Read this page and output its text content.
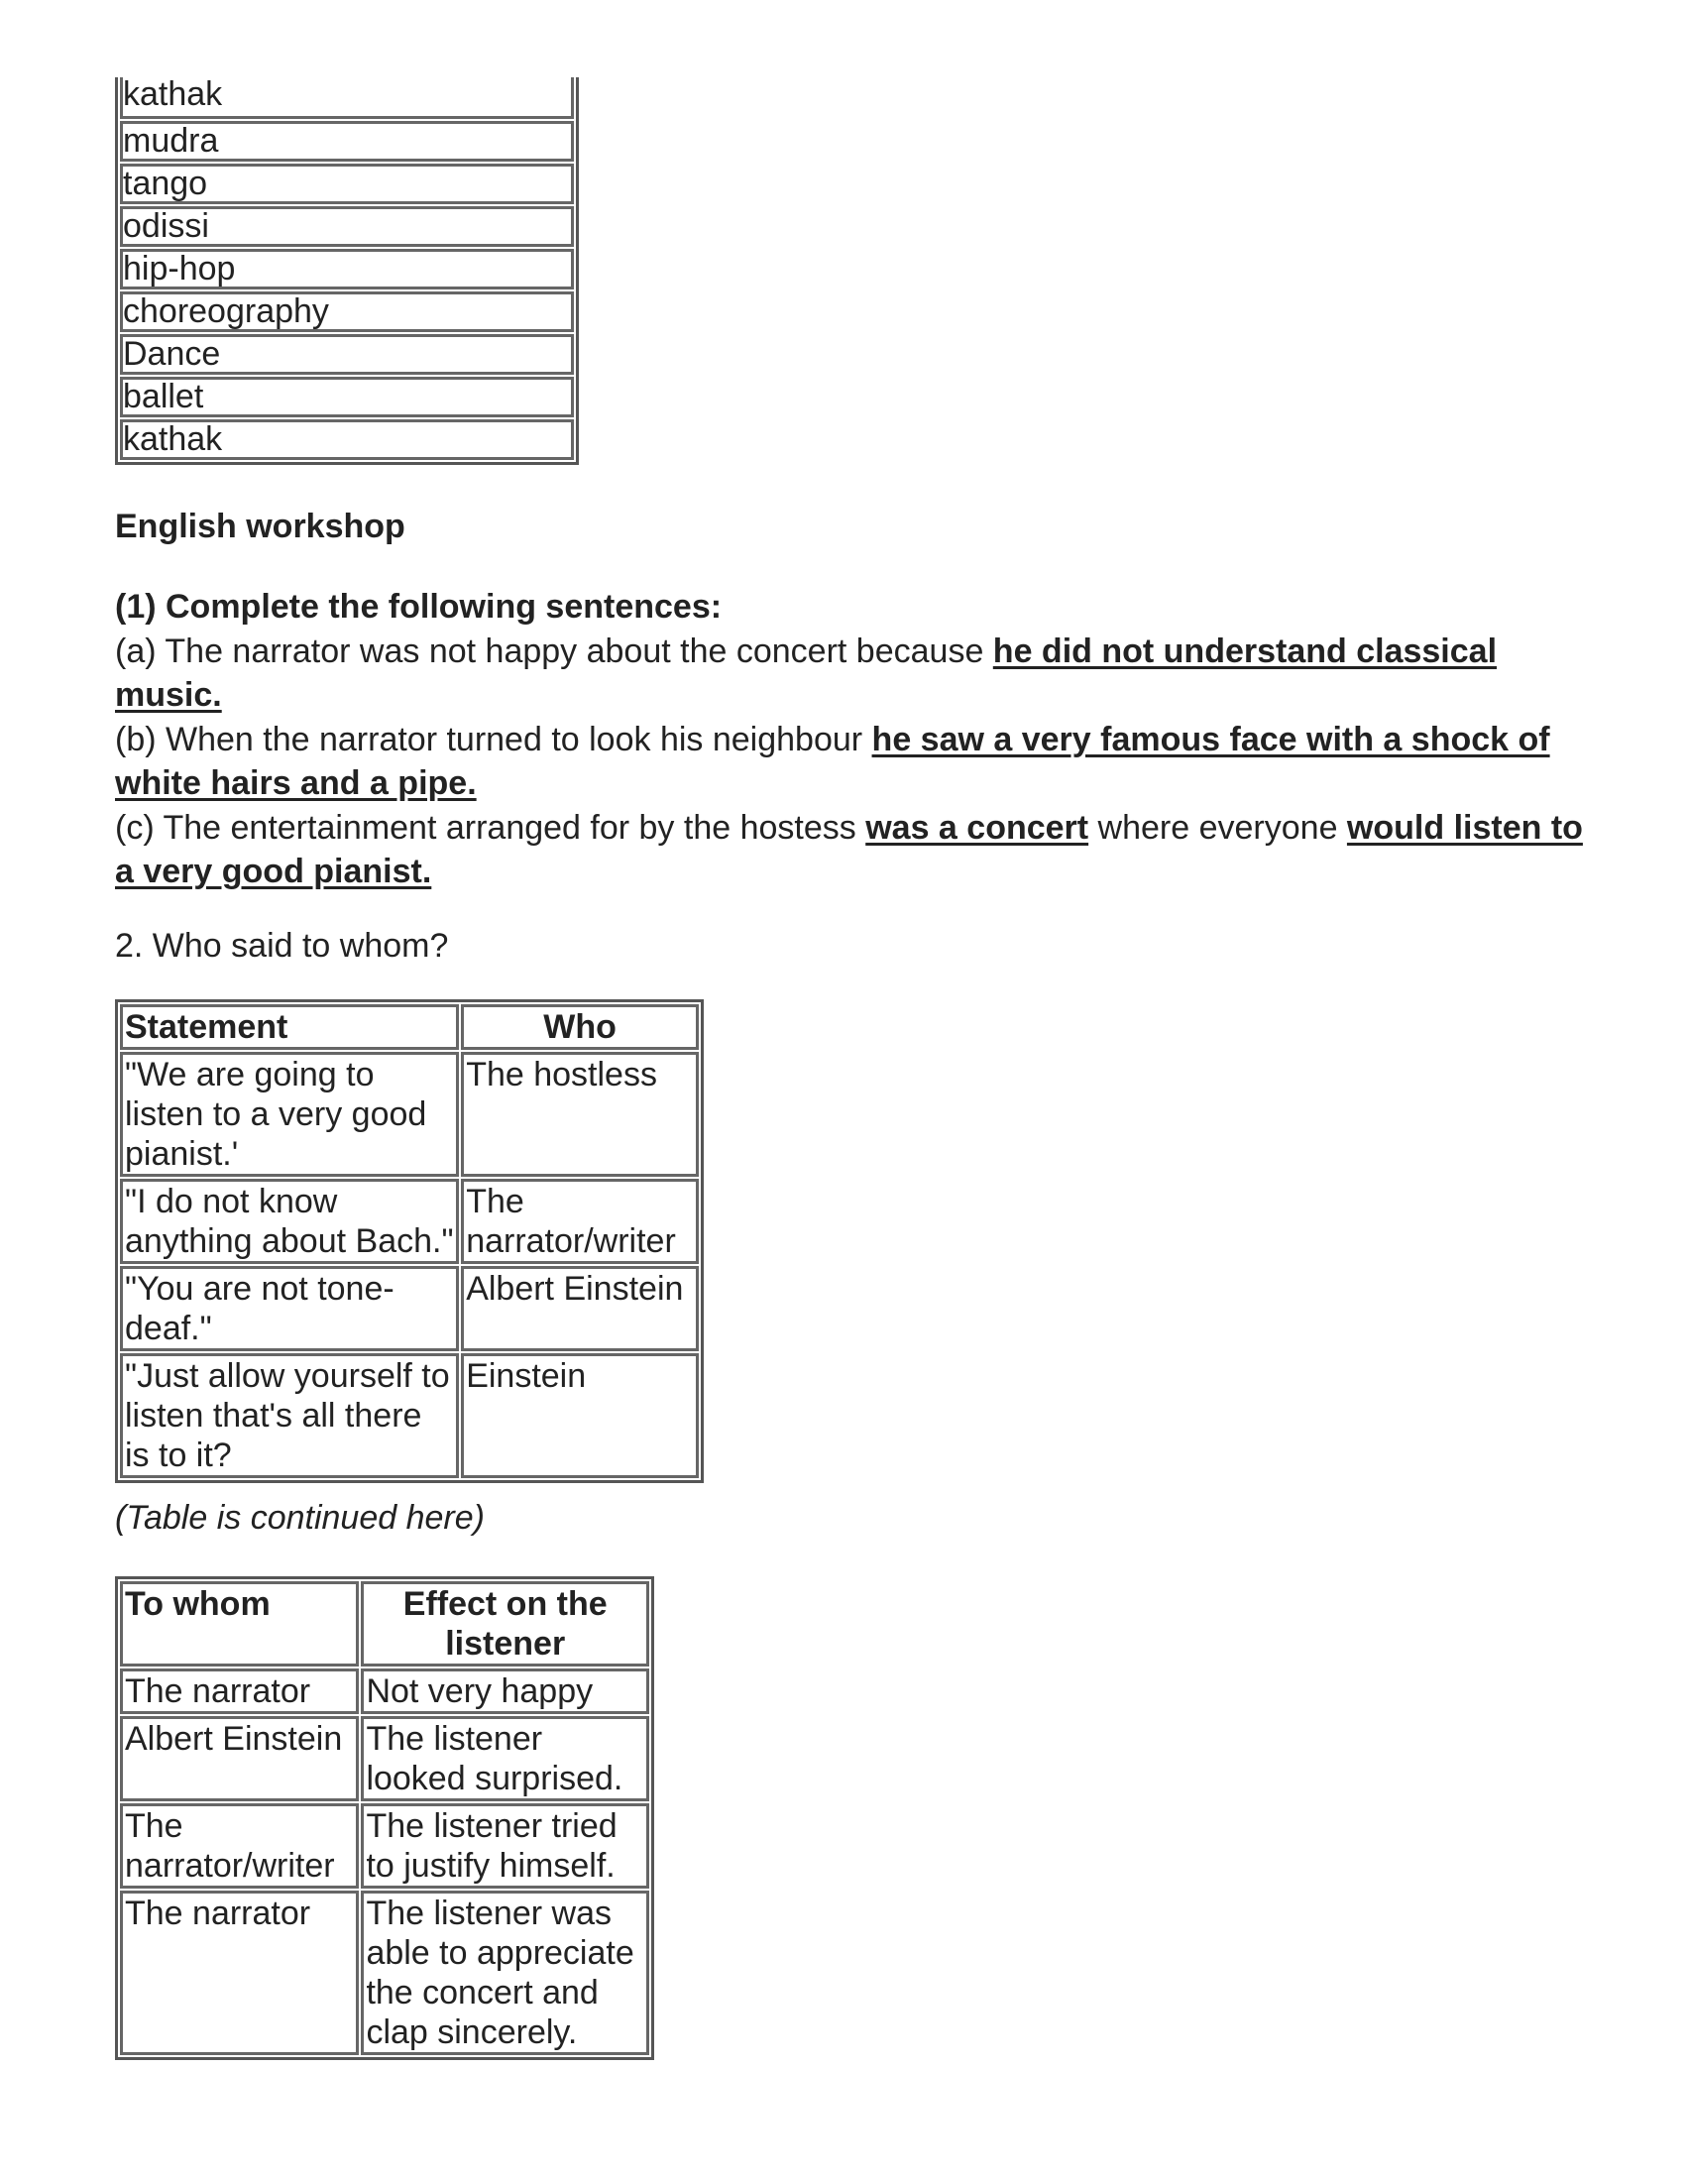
kathak
mudra
tango
odissi
hip-hop
choreography
Dance
ballet
kathak
English workshop
(1) Complete the following sentences:
(a) The narrator was not happy about the concert because he did not understand classical music.
(b) When the narrator turned to look his neighbour he saw a very famous face with a shock of white hairs and a pipe.
(c) The entertainment arranged for by the hostess was a concert where everyone would listen to a very good pianist.
2. Who said to whom?
Statement	Who
"We are going to listen to a very good pianist.'	The hostless
"I do not know anything about Bach."	The narrator/writer
"You are not tone-deaf."	Albert Einstein
"Just allow yourself to listen that's all there is to it?	Einstein
(Table is continued here)
To whom	Effect on the listener
The narrator	Not very happy
Albert Einstein	The listener looked surprised.
The narrator/writer	The listener tried to justify himself.
The narrator	The listener was able to appreciate the concert and clap sincerely.
